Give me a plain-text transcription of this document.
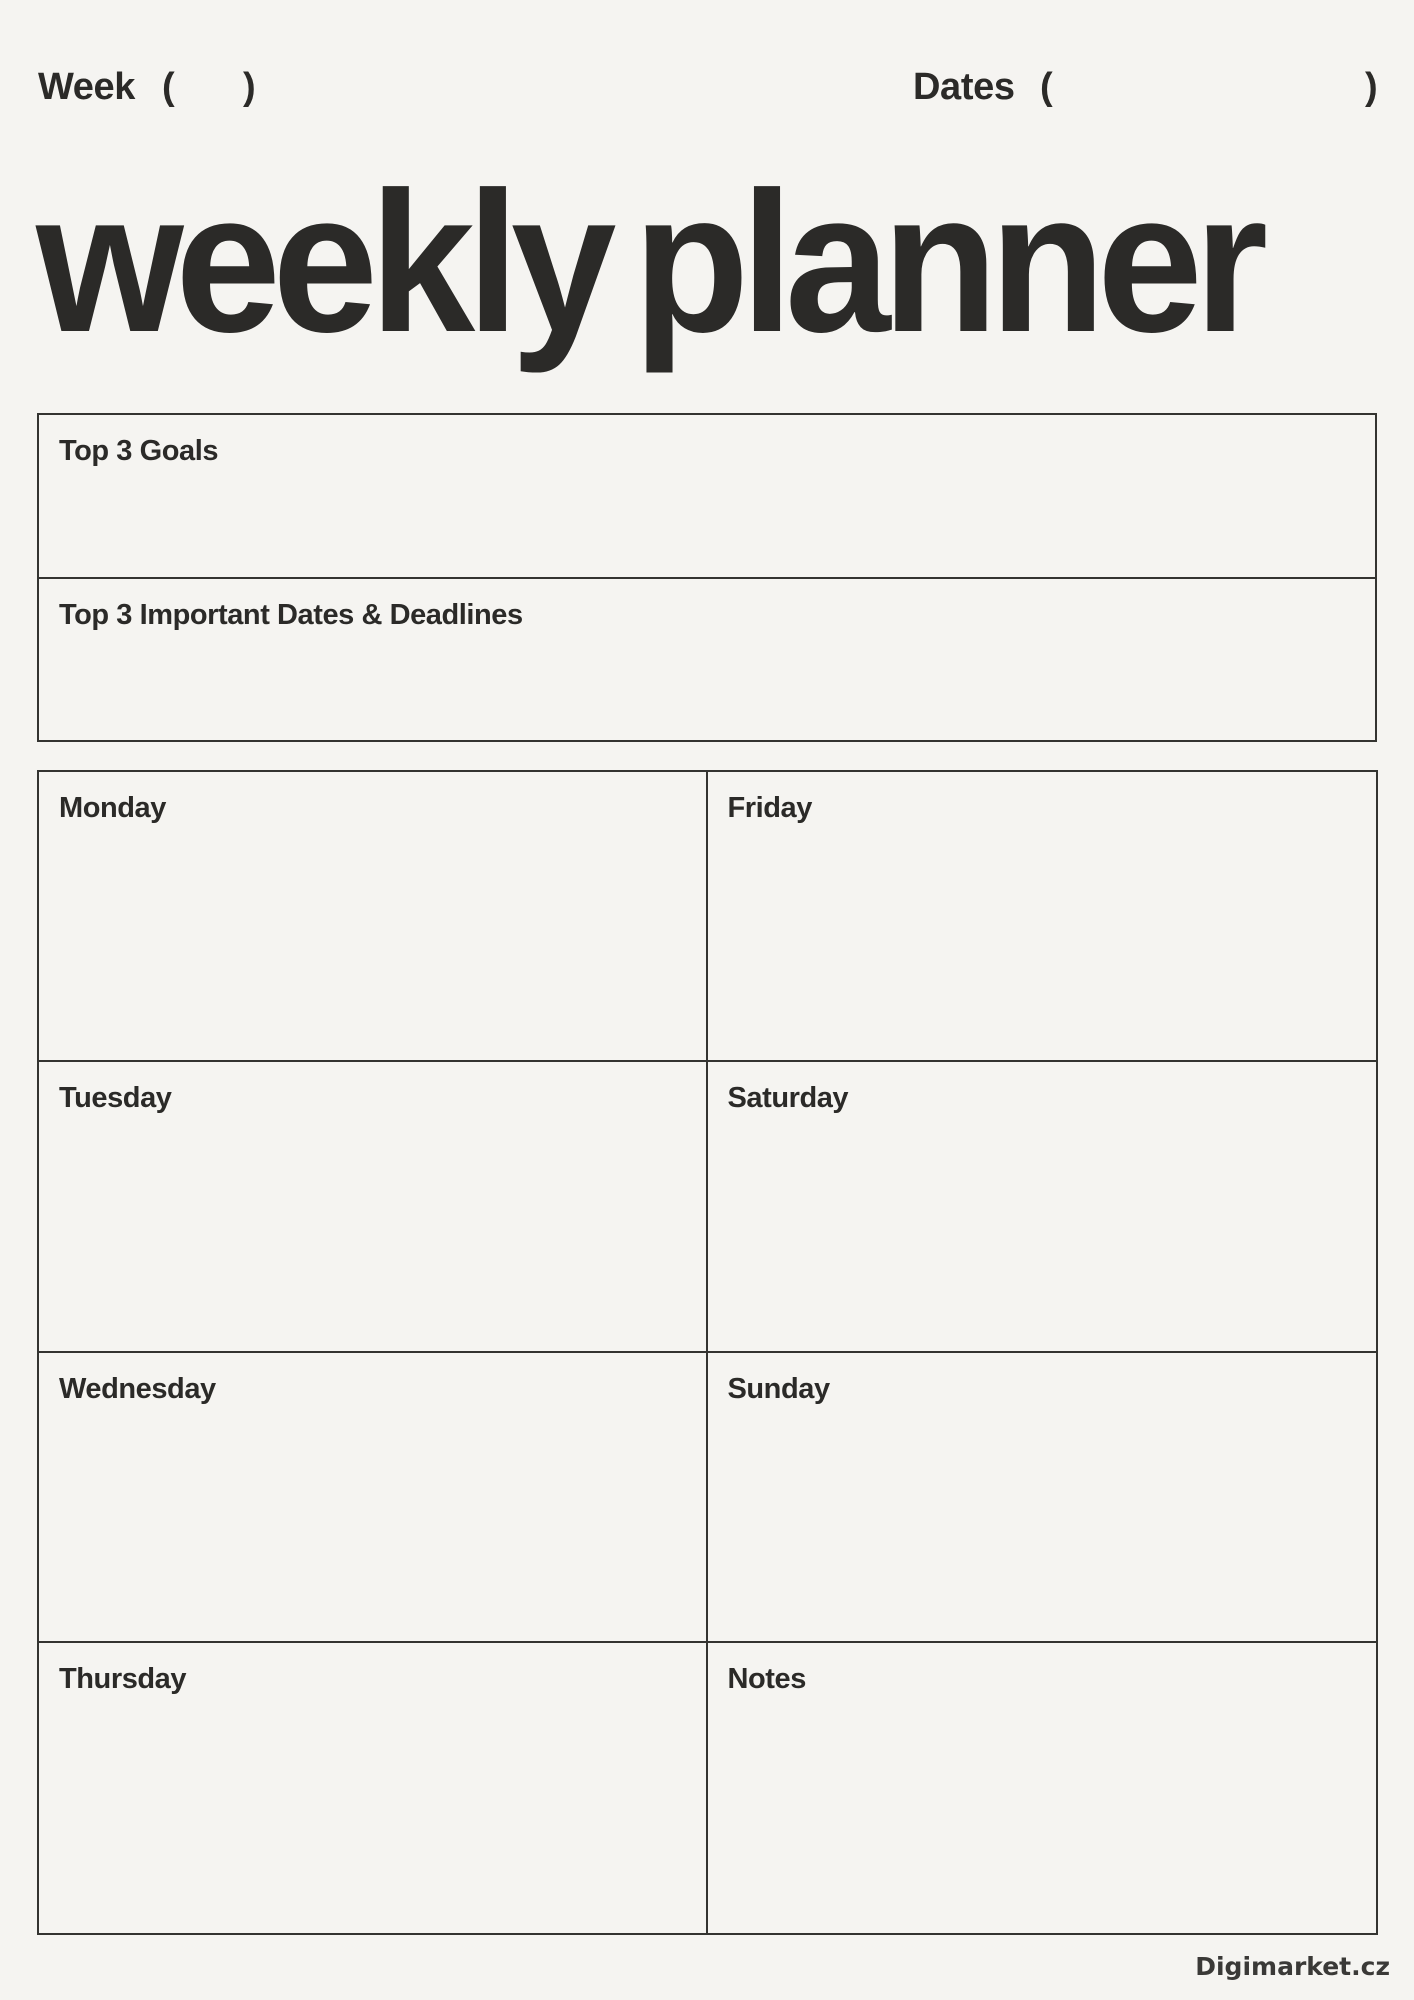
Week ( )	Dates (	)
weekly planner
Top 3 Goals
Top 3 Important Dates & Deadlines
Monday	Friday
Tuesday	Saturday
Wednesday	Sunday
Thursday	Notes
Digimarket.cz
